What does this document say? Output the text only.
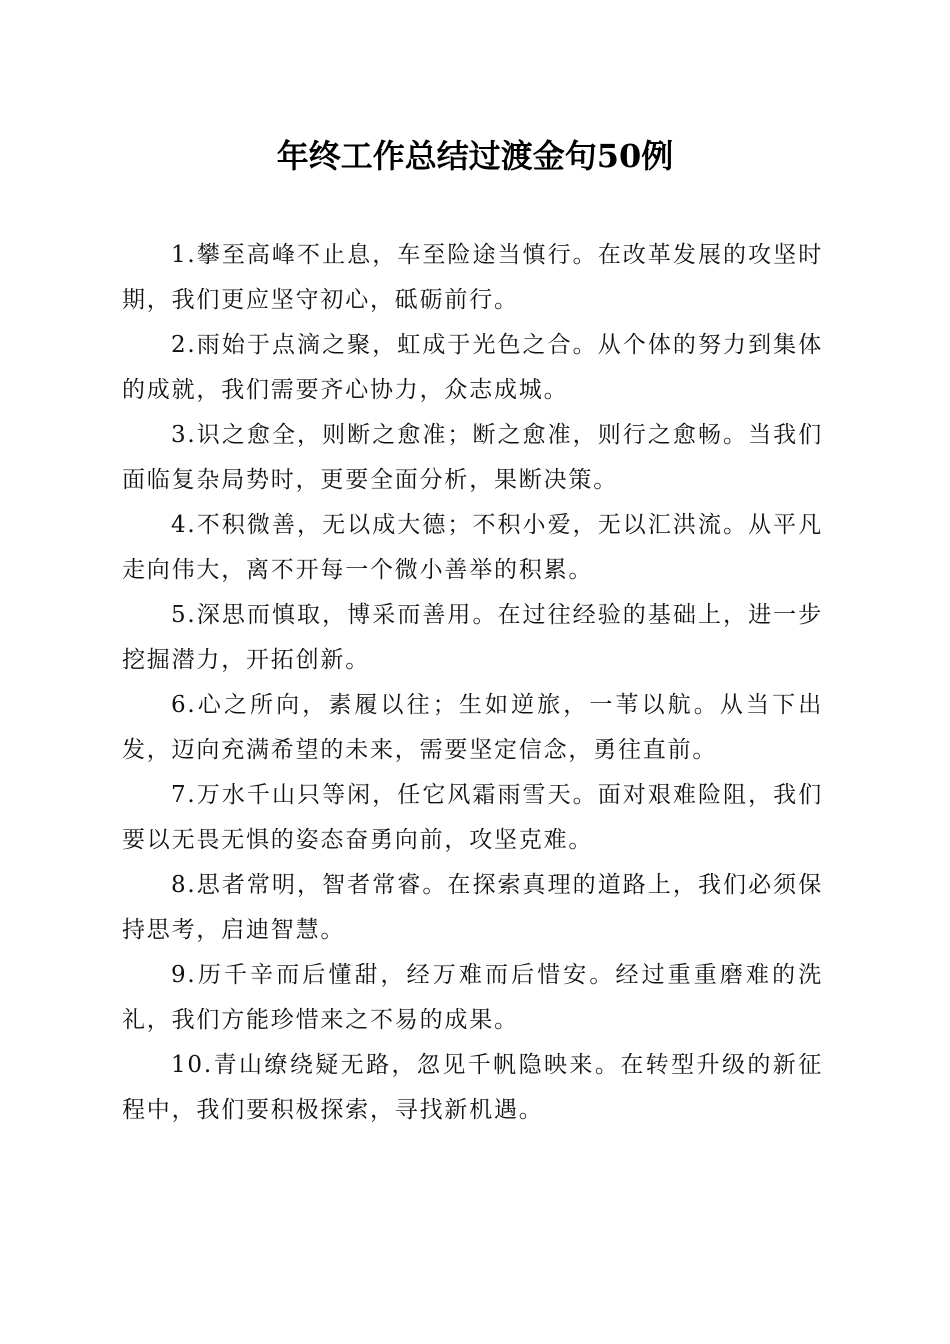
年终工作总结过渡金句50例

1.攀至高峰不止息，车至险途当慎行。在改革发展的攻坚时期，我们更应坚守初心，砥砺前行。

2.雨始于点滴之聚，虹成于光色之合。从个体的努力到集体的成就，我们需要齐心协力，众志成城。

3.识之愈全，则断之愈准；断之愈准，则行之愈畅。当我们面临复杂局势时，更要全面分析，果断决策。

4.不积微善，无以成大德；不积小爱，无以汇洪流。从平凡走向伟大，离不开每一个微小善举的积累。

5.深思而慎取，博采而善用。在过往经验的基础上，进一步挖掘潜力，开拓创新。

6.心之所向，素履以往；生如逆旅，一苇以航。从当下出发，迈向充满希望的未来，需要坚定信念，勇往直前。

7.万水千山只等闲，任它风霜雨雪天。面对艰难险阻，我们要以无畏无惧的姿态奋勇向前，攻坚克难。

8.思者常明，智者常睿。在探索真理的道路上，我们必须保持思考，启迪智慧。

9.历千辛而后懂甜，经万难而后惜安。经过重重磨难的洗礼，我们方能珍惜来之不易的成果。

10.青山缭绕疑无路，忽见千帆隐映来。在转型升级的新征程中，我们要积极探索，寻找新机遇。
